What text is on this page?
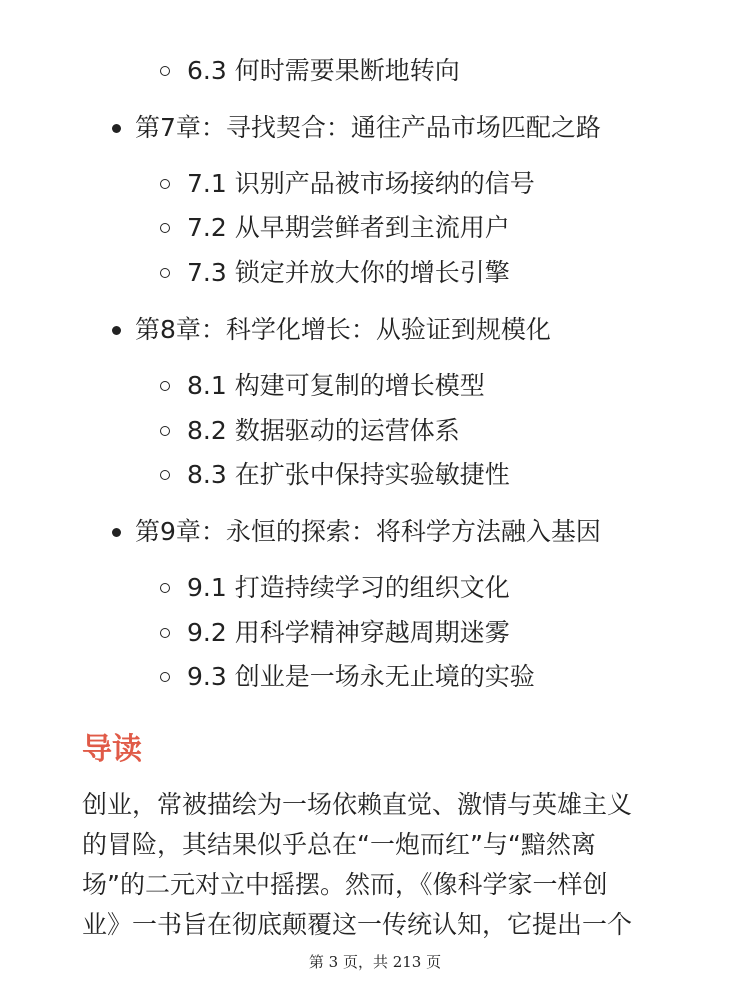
6.3 何时需要果断地转向
第7章：寻找契合：通往产品市场匹配之路
7.1 识别产品被市场接纳的信号
7.2 从早期尝鲜者到主流用户
7.3 锁定并放大你的增长引擎
第8章：科学化增长：从验证到规模化
8.1 构建可复制的增长模型
8.2 数据驱动的运营体系
8.3 在扩张中保持实验敏捷性
第9章：永恒的探索：将科学方法融入基因
9.1 打造持续学习的组织文化
9.2 用科学精神穿越周期迷雾
9.3 创业是一场永无止境的实验
导读
创业，常被描绘为一场依赖直觉、激情与英雄主义
的冒险，其结果似乎总在“一炮而红”与“黯然离
场”的二元对立中摇摆。然而，《像科学家一样创
业》一书旨在彻底颠覆这一传统认知，它提出一个
第 3 页，共 213 页
